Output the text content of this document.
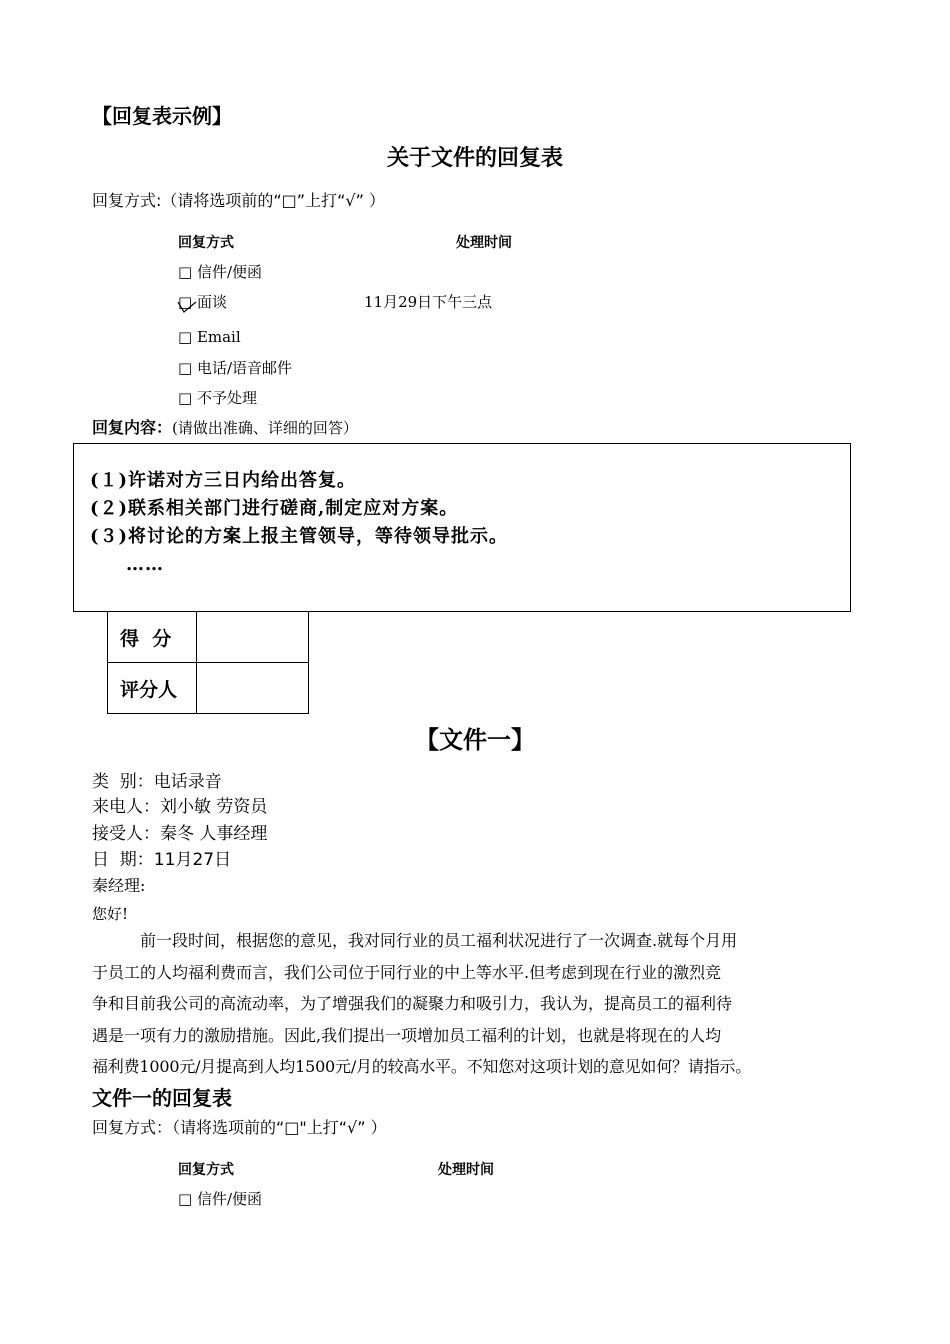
【回复表示例】
关于文件的回复表
回复方式:（请将选项前的“□”上打“√” ）
回复方式	处理时间
□ 信件/便函
□ 面谈	11月29日下午三点
□ Email
□ 电话/语音邮件
□ 不予处理
回复内容：(请做出准确、详细的回答）
(１)许诺对方三日内给出答复。
(２)联系相关部门进行磋商,制定应对方案。
(３)将讨论的方案上报主管领导，等待领导批示。
……
得  分	
评分人	
【文件一】
类  别：电话录音
来电人：刘小敏 劳资员
接受人：秦冬 人事经理
日  期：11月27日
秦经理:
您好!
前一段时间，根据您的意见，我对同行业的员工福利状况进行了一次调查.就每个月用
于员工的人均福利费而言，我们公司位于同行业的中上等水平.但考虑到现在行业的激烈竞
争和目前我公司的高流动率，为了增强我们的凝聚力和吸引力，我认为，提高员工的福利待
遇是一项有力的激励措施。因此,我们提出一项增加员工福利的计划，也就是将现在的人均
福利费1000元/月提高到人均1500元/月的较高水平。不知您对这项计划的意见如何？请指示。
文件一的回复表
回复方式：（请将选项前的“□"上打“√” ）
回复方式	处理时间
□ 信件/便函
